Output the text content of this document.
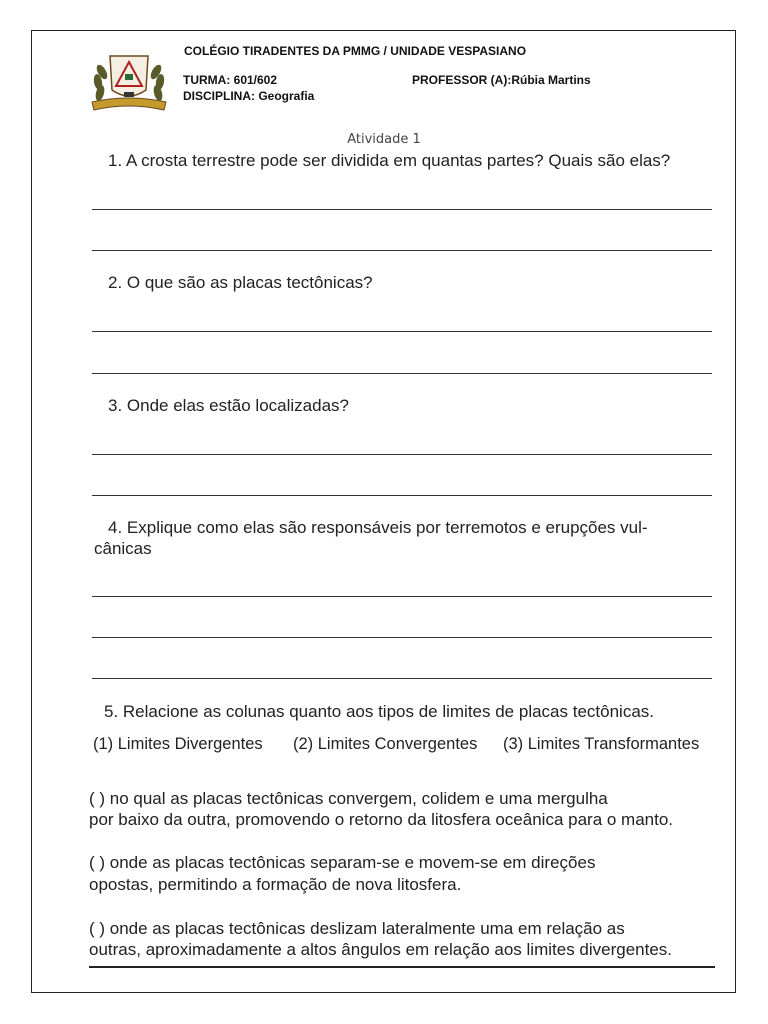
COLÉGIO TIRADENTES DA PMMG / UNIDADE VESPASIANO
TURMA: 601/602	PROFESSOR (A):Rúbia Martins
DISCIPLINA: Geografia
Atividade 1
1. A crosta terrestre pode ser dividida em quantas partes? Quais são elas?
2. O que são as placas tectônicas?
3. Onde elas estão localizadas?
4. Explique como elas são responsáveis por terremotos e erupções vul-
cânicas
5. Relacione as colunas quanto aos tipos de limites de placas tectônicas.
(1) Limites Divergentes (2) Limites Convergentes (3) Limites Transformantes
( ) no qual as placas tectônicas convergem, colidem e uma mergulha
por baixo da outra, promovendo o retorno da litosfera oceânica para o manto.
( ) onde as placas tectônicas separam-se e movem-se em direções
opostas, permitindo a formação de nova litosfera.
( ) onde as placas tectônicas deslizam lateralmente uma em relação as
outras, aproximadamente a altos ângulos em relação aos limites divergentes.
